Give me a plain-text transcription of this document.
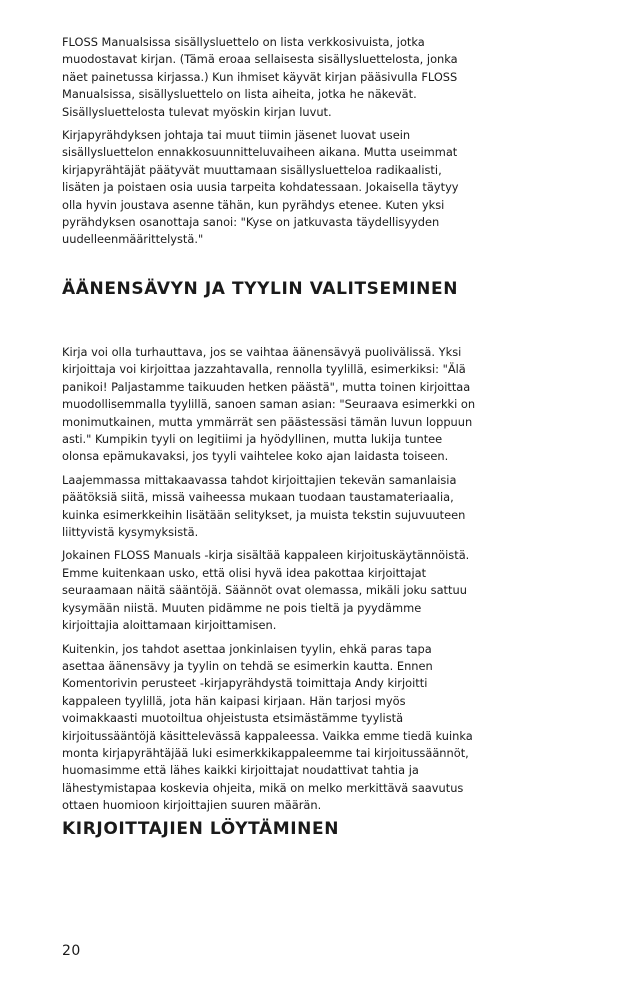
FLOSS Manualsissa sisällysluettelo on lista verkkosivuista, jotka
muodostavat kirjan. (Tämä eroaa sellaisesta sisällysluettelosta, jonka
näet painetussa kirjassa.) Kun ihmiset käyvät kirjan pääsivulla FLOSS
Manualsissa, sisällysluettelo on lista aiheita, jotka he näkevät.
Sisällysluettelosta tulevat myöskin kirjan luvut.

Kirjapyrähdyksen johtaja tai muut tiimin jäsenet luovat usein
sisällysluettelon ennakkosuunnitteluvaiheen aikana. Mutta useimmat
kirjapyrähtäjät päätyvät muuttamaan sisällysluetteloa radikaalisti,
lisäten ja poistaen osia uusia tarpeita kohdatessaan. Jokaisella täytyy
olla hyvin joustava asenne tähän, kun pyrähdys etenee. Kuten yksi
pyrähdyksen osanottaja sanoi: "Kyse on jatkuvasta täydellisyyden
uudelleenmäärittelystä."

ÄÄNENSÄVYN JA TYYLIN VALITSEMINEN

Kirja voi olla turhauttava, jos se vaihtaa äänensävyä puolivälissä. Yksi
kirjoittaja voi kirjoittaa jazzahtavalla, rennolla tyylillä, esimerkiksi: "Älä
panikoi! Paljastamme taikuuden hetken päästä", mutta toinen kirjoittaa
muodollisemmalla tyylillä, sanoen saman asian: "Seuraava esimerkki on
monimutkainen, mutta ymmärrät sen päästessäsi tämän luvun loppuun
asti." Kumpikin tyyli on legitiimi ja hyödyllinen, mutta lukija tuntee
olonsa epämukavaksi, jos tyyli vaihtelee koko ajan laidasta toiseen.

Laajemmassa mittakaavassa tahdot kirjoittajien tekevän samanlaisia
päätöksiä siitä, missä vaiheessa mukaan tuodaan taustamateriaalia,
kuinka esimerkkeihin lisätään selitykset, ja muista tekstin sujuvuuteen
liittyvistä kysymyksistä.

Jokainen FLOSS Manuals -kirja sisältää kappaleen kirjoituskäytännöistä.
Emme kuitenkaan usko, että olisi hyvä idea pakottaa kirjoittajat
seuraamaan näitä sääntöjä. Säännöt ovat olemassa, mikäli joku sattuu
kysymään niistä. Muuten pidämme ne pois tieltä ja pyydämme
kirjoittajia aloittamaan kirjoittamisen.

Kuitenkin, jos tahdot asettaa jonkinlaisen tyylin, ehkä paras tapa
asettaa äänensävy ja tyylin on tehdä se esimerkin kautta. Ennen
Komentorivin perusteet -kirjapyrähdystä toimittaja Andy kirjoitti
kappaleen tyylillä, jota hän kaipasi kirjaan. Hän tarjosi myös
voimakkaasti muotoiltua ohjeistusta etsimästämme tyylistä
kirjoitussääntöjä käsittelevässä kappaleessa. Vaikka emme tiedä kuinka
monta kirjapyrähtäjää luki esimerkkikappaleemme tai kirjoitussäännöt,
huomasimme että lähes kaikki kirjoittajat noudattivat tahtia ja
lähestymistapaa koskevia ohjeita, mikä on melko merkittävä saavutus
ottaen huomioon kirjoittajien suuren määrän.

KIRJOITTAJIEN LÖYTÄMINEN
20
